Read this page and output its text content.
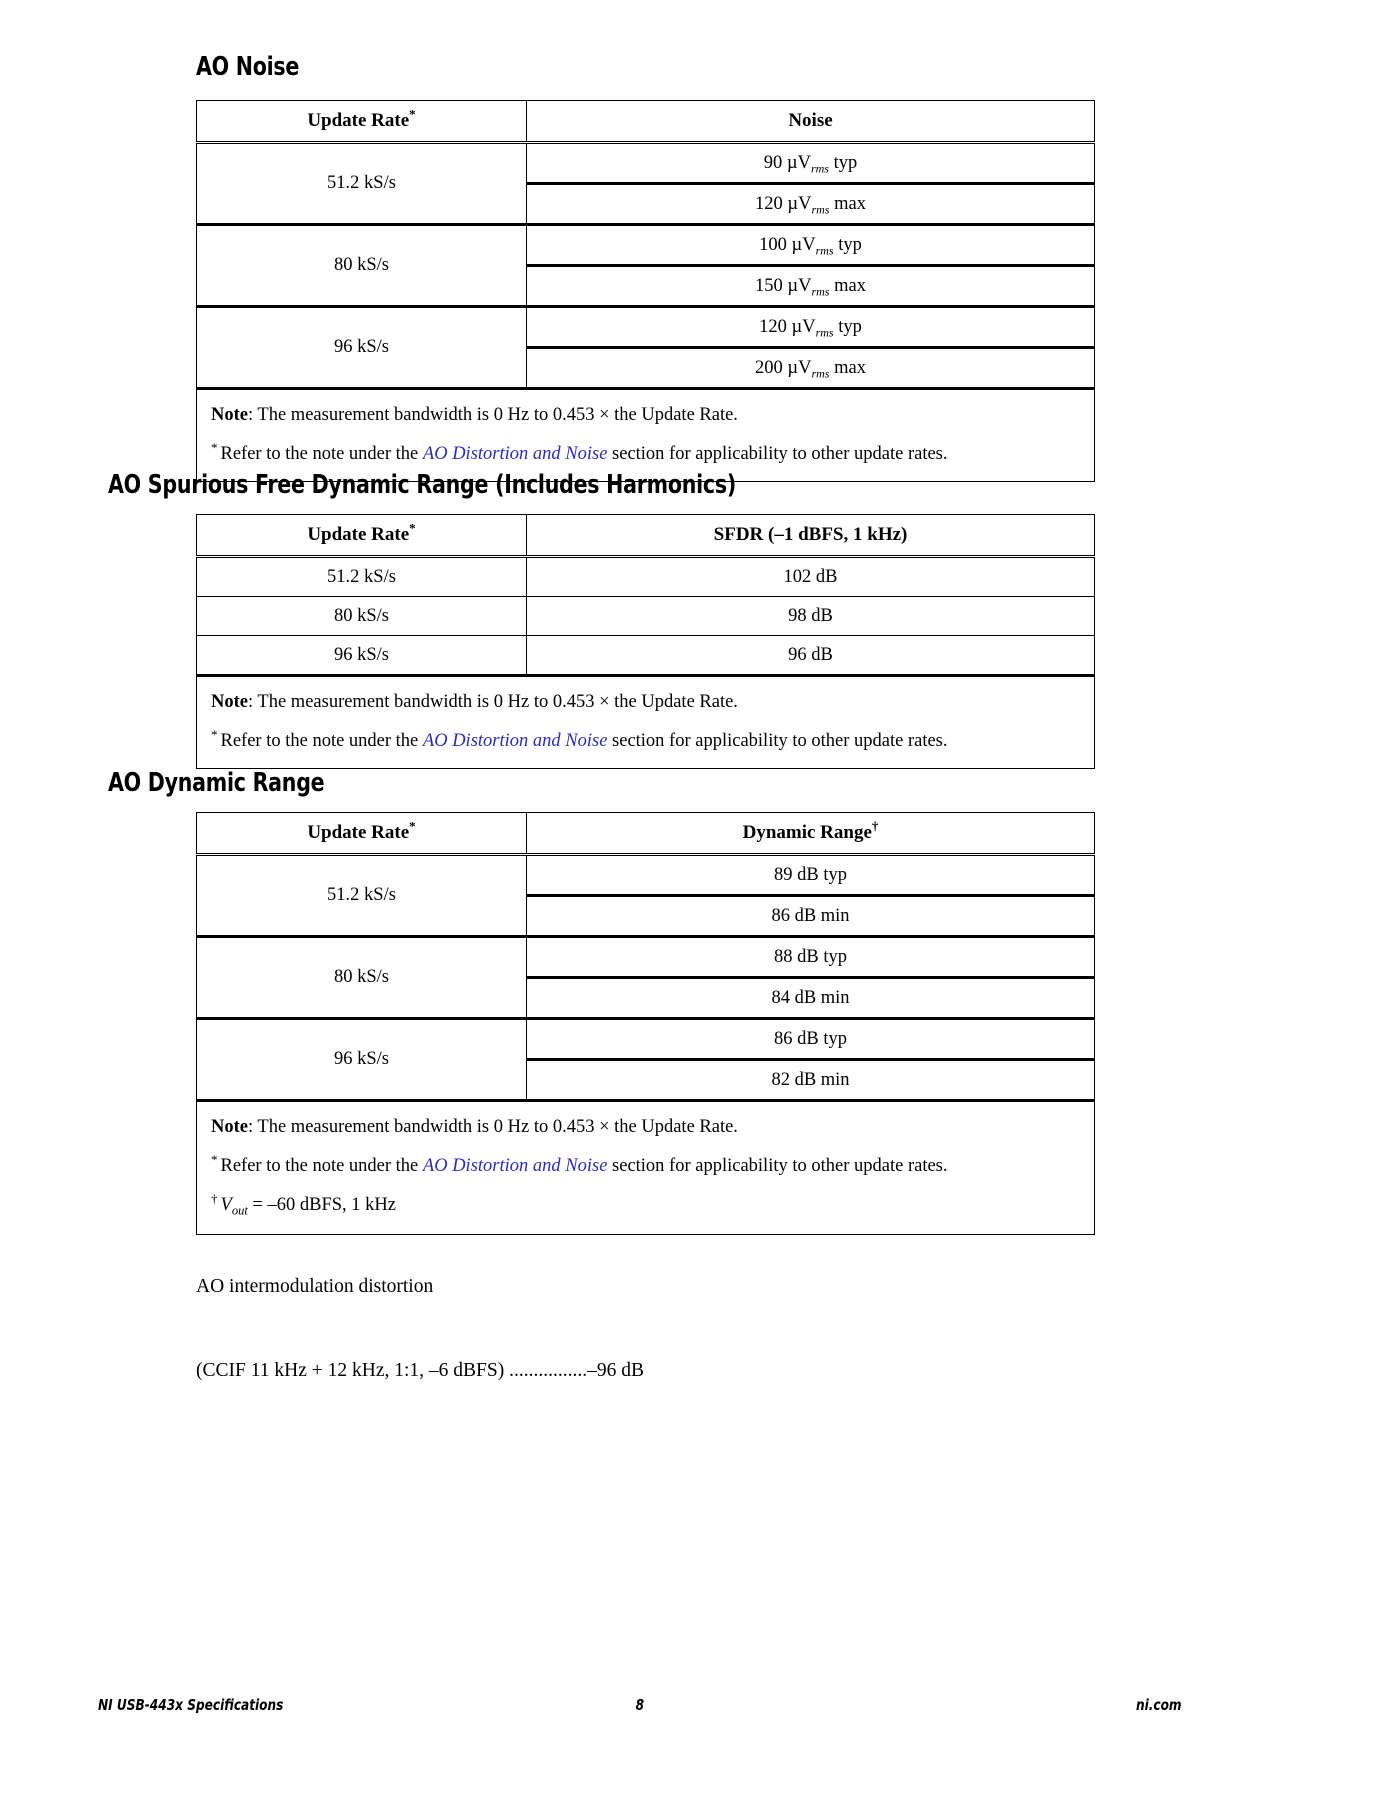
AO Noise
Update Rate*	Noise
51.2 kS/s	90 µV$_{rms}$ typ
	120 µV$_{rms}$ max
80 kS/s	100 µV$_{rms}$ typ
	150 µV$_{rms}$ max
96 kS/s	120 µV$_{rms}$ typ
	200 µV$_{rms}$ max

Note: The measurement bandwidth is 0 Hz to 0.453 × the Update Rate.
* Refer to the note under the AO Distortion and Noise section for applicability to other update rates.	
AO Spurious Free Dynamic Range (Includes Harmonics)
Update Rate*	SFDR (–1 dBFS, 1 kHz)
51.2 kS/s	102 dB
80 kS/s	98 dB
96 kS/s	96 dB

Note: The measurement bandwidth is 0 Hz to 0.453 × the Update Rate.
* Refer to the note under the AO Distortion and Noise section for applicability to other update rates.	
AO Dynamic Range
Update Rate*	Dynamic Range†
51.2 kS/s	89 dB typ
	86 dB min
80 kS/s	88 dB typ
	84 dB min
96 kS/s	86 dB typ
	82 dB min

Note: The measurement bandwidth is 0 Hz to 0.453 × the Update Rate.
* Refer to the note under the AO Distortion and Noise section for applicability to other update rates.
† $V_{out} = -60$ dBFS, 1 kHz	

AO intermodulation distortion

(CCIF 11 kHz + 12 kHz, 1:1, –6 dBFS) ................–96 dB

NI USB-443x Specifications	8	ni.com
